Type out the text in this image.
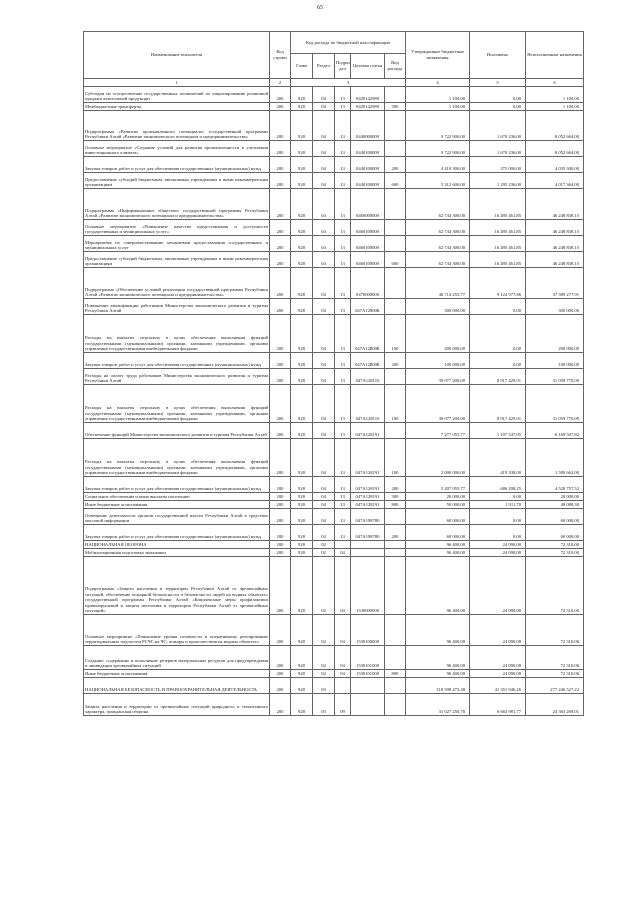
65
Наименование показателя	Код строки	Код расхода по бюджетной классификации					Утвержденные бюджетные назначения	Исполнено	Неисполненные назначения
		Глава	Раздел	Подраз дел	Целевая статья	Вид расхода			
1	2	3					4	5	6
Субсидии на осуществление государственных полномочий по лицензированию розничной продажи алкогольной продукции	200	928	04	13	0420142980		1 100,00	0,00	1 100,00
Межбюджетные трансферты	200	928	04	13	0420142980	500	1 100,00	0,00	1 100,00
Подпрограмма «Развитие промышленного потенциала» государственной программы Республики Алтай «Развитие экономического потенциала и предпринимательства»	200	928	04	13	0440000000		9 722 900,00	1 670 236,00	8 052 664,00
Основное мероприятие «Создание условий для развития промышленности и улучшения инвестиционного климата»	200	928	04	13	0440100000		9 722 900,00	1 670 236,00	8 052 664,00
Закупка товаров, работ и услуг для обеспечения государственных (муниципальных) нужд	200	928	04	13	0440100000	200	4 410 300,00	375 000,00	4 035 300,00
Предоставление субсидий бюджетным, автономным учреждениям и иным некоммерческим организациям	200	928	04	13	0440100000	600	5 312 600,00	1 295 236,00	4 017 364,00
Подпрограмма «Информационное общество» государственной программы Республики Алтай «Развитие экономического потенциала и предпринимательства»	200	928	04	13	0460000000		62 744 300,00	16 495 461,85	46 248 838,15
Основное мероприятие «Повышение качества предоставления и доступности государственных и муниципальных услуг»	200	928	04	13	0460100000		62 744 300,00	16 495 461,85	46 248 838,15
Мероприятия по совершенствованию механизмов предоставления государственных и муниципальных услуг	200	928	04	13	0460100000		62 744 300,00	16 495 461,85	46 248 838,15
Предоставление субсидий бюджетным, автономным учреждениям и иным некоммерческим организациям	200	928	04	13	0460100000	600	62 744 300,00	16 495 461,85	46 248 838,15
Подпрограмма «Обеспечение условий реализации государственной программы Республики Алтай «Развитие экономического потенциала и предпринимательства»	200	928	04	13	0470000000		46 714 255,77	9 124 977,86	37 589 277,91
Повышение квалификации работников Министерства экономического развития и туризма Республики Алтай	200	928	04	13	047A12800К		300 000,00	0,00	300 000,00
Расходы на выплаты персоналу в целях обеспечения выполнения функций государственными (муниципальными) органами, казенными учреждениями, органами управления государственными внебюджетными фондами	200	928	04	13	047A12800К	100	200 000,00	0,00	200 000,00
Закупка товаров, работ и услуг для обеспечения государственных (муниципальных) нужд	200	928	04	13	047A12800К	200	100 000,00	0,00	100 000,00
Расходы на оплату труда работников Министерства экономического развития и туризма Республики Алтай	200	928	04	13	047A128110		39 077 200,00	8 017 429,91	31 059 770,09
Расходы на выплаты персоналу в целях обеспечения выполнения функций государственными (муниципальными) органами, казенными учреждениями, органами управления государственными внебюджетными фондами	200	928	04	13	047A128110	100	39 077 200,00	8 017 429,91	31 059 770,09
Обеспечение функций Министерства экономического развития и туризма Республики Алтай	200	928	04	13	047A128191		7 277 055,77	1 107 547,95	6 169 507,82
Расходы на выплаты персоналу в целях обеспечения выполнения функций государственными (муниципальными) органами, казенными учреждениями, органами управления государственными внебюджетными фондами	200	928	04	13	047A128191	100	2 000 000,00	419 338,00	1 580 662,00
Закупка товаров, работ и услуг для обеспечения государственных (муниципальных) нужд	200	928	04	13	047A128191	200	5 207 055,77	686 298,25	4 520 757,52
Социальное обеспечение и иные выплаты населению	200	928	04	13	047A128191	300	20 000,00	0,00	20 000,00
Иные бюджетные ассигнования	200	928	04	13	047A128191	800	50 000,00	1 911,70	48 088,30
Освещение деятельности органов государственной власти Республики Алтай в средствах массовой информации	200	928	04	13	047A198700		60 000,00	0,00	60 000,00
Закупка товаров, работ и услуг для обеспечения государственных (муниципальных) нужд	200	928	04	13	047A198700	200	60 000,00	0,00	60 000,00
НАЦИОНАЛЬНАЯ ОБОРОНА	200	928	02				96 400,00	24 090,00	72 310,00
Мобилизационная подготовка экономики	200	928	02	04			96 400,00	24 090,00	72 310,00
Подпрограмма «Защита населения и территории Республики Алтай от чрезвычайных ситуаций, обеспечение пожарной безопасности и безопасности людей на водных объектах» государственной программы Республики Алтай «Комплексные меры профилактики правонарушений и защита населения и территории Республики Алтай от чрезвычайных ситуаций»	200	928	02	04	1530000000		96 400,00	24 090,00	72 310,00
Основное мероприятие «Повышение уровня готовности и оперативному реагированию территориальных подсистем РСЧС на ЧС, пожары и происшествия на водных объектах»	200	928	02	04	1530100000		96 400,00	24 090,00	72 310,00
Создание, содержание и пополнение резервов материальных ресурсов для предупреждения и ликвидации чрезвычайных ситуаций	200	928	02	04	1530101000		96 400,00	24 090,00	72 310,00
Иные бюджетные ассигнования	200	928	02	04	1530101000	800	96 400,00	24 090,00	72 310,00
НАЦИОНАЛЬНАЯ БЕЗОПАСНОСТЬ И ПРАВООХРАНИТЕЛЬНАЯ ДЕЯТЕЛЬНОСТЬ	200	928	03				318 598 473,48	41 351 946,26	277 246 527,22
Защита населения и территории от чрезвычайных ситуаций природного и техногенного характера, гражданская оборона	200	928	03	09			31 027 250,78	6 663 981,77	24 363 269,01
